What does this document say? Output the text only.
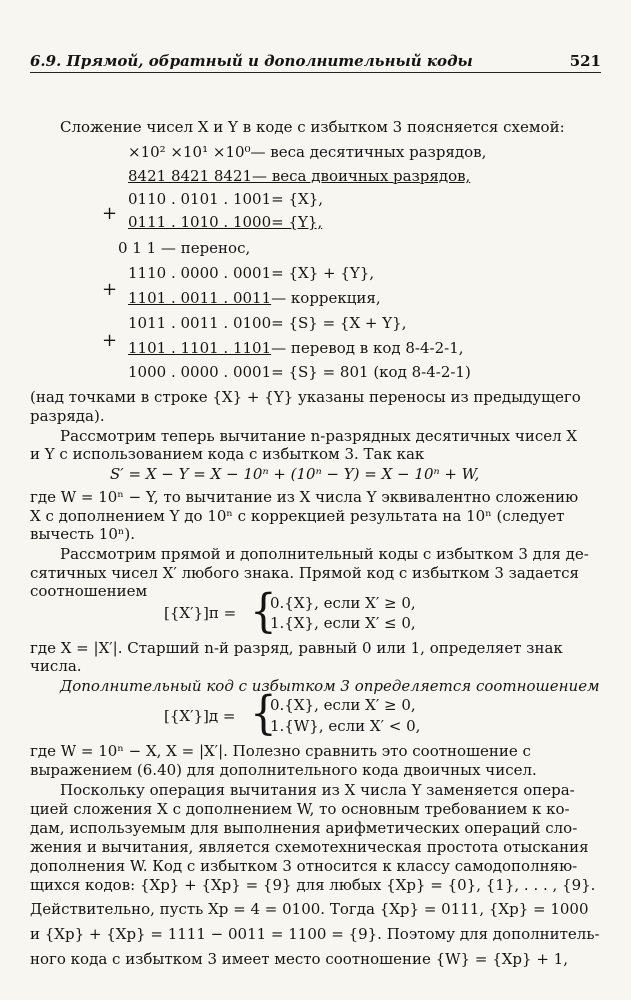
6.9. Прямой, обратный и дополнительный коды	521
Сложение чисел X и Y в коде с избытком 3 поясняется схемой:
×10² ×10¹ ×10⁰— веса десятичных разрядов,
8421 8421 8421— веса двоичных разрядов,
0110 . 0101 . 1001= {X},
+ 0111 . 1010 . 1000= {Y},
0 1 1 — перенос,
1110 . 0000 . 0001= {X} + {Y},
+ 1101 . 0011 . 0011— коррекция,
1011 . 0011 . 0100= {S} = {X + Y},
+ 1101 . 1101 . 1101— перевод в код 8-4-2-1,
1000 . 0000 . 0001= {S} = 801 (код 8-4-2-1)
(над точками в строке {X} + {Y} указаны переносы из предыдущего
разряда).
Рассмотрим теперь вычитание n-разрядных десятичных чисел X
и Y с использованием кода с избытком 3. Так как
S′ = X − Y = X − 10ⁿ + (10ⁿ − Y) = X − 10ⁿ + W,
где W = 10ⁿ − Y, то вычитание из X числа Y эквивалентно сложению
X с дополнением Y до 10ⁿ с коррекцией результата на 10ⁿ (следует
вычесть 10ⁿ).
Рассмотрим прямой и дополнительный коды с избытком 3 для де-
сятичных чисел X′ любого знака. Прямой код с избытком 3 задается
соотношением
[{X′}]п = {
0.{X}, если X′ ≥ 0,
1.{X}, если X′ ≤ 0,
где X = |X′|. Старший n-й разряд, равный 0 или 1, определяет знак
числа.
Дополнительный код с избытком 3 определяется соотношением
[{X′}]д = {
0.{X}, если X′ ≥ 0,
1.{W}, если X′ < 0,
где W = 10ⁿ − X, X = |X′|. Полезно сравнить это соотношение с
выражением (6.40) для дополнительного кода двоичных чисел.
Поскольку операция вычитания из X числа Y заменяется опера-
цией сложения X с дополнением W, то основным требованием к ко-
дам, используемым для выполнения арифметических операций сло-
жения и вычитания, является схемотехническая простота отыскания
дополнения W. Код с избытком 3 относится к классу самодополняю-
щихся кодов: {Xp} + {Xp} = {9} для любых {Xp} = {0}, {1}, . . . , {9}.
Действительно, пусть Xp = 4 = 0100. Тогда {Xp} = 0111, {Xp} = 1000
и {Xp} + {Xp} = 1111 − 0011 = 1100 = {9}. Поэтому для дополнитель-
ного кода с избытком 3 имеет место соотношение {W} = {Xp} + 1,
